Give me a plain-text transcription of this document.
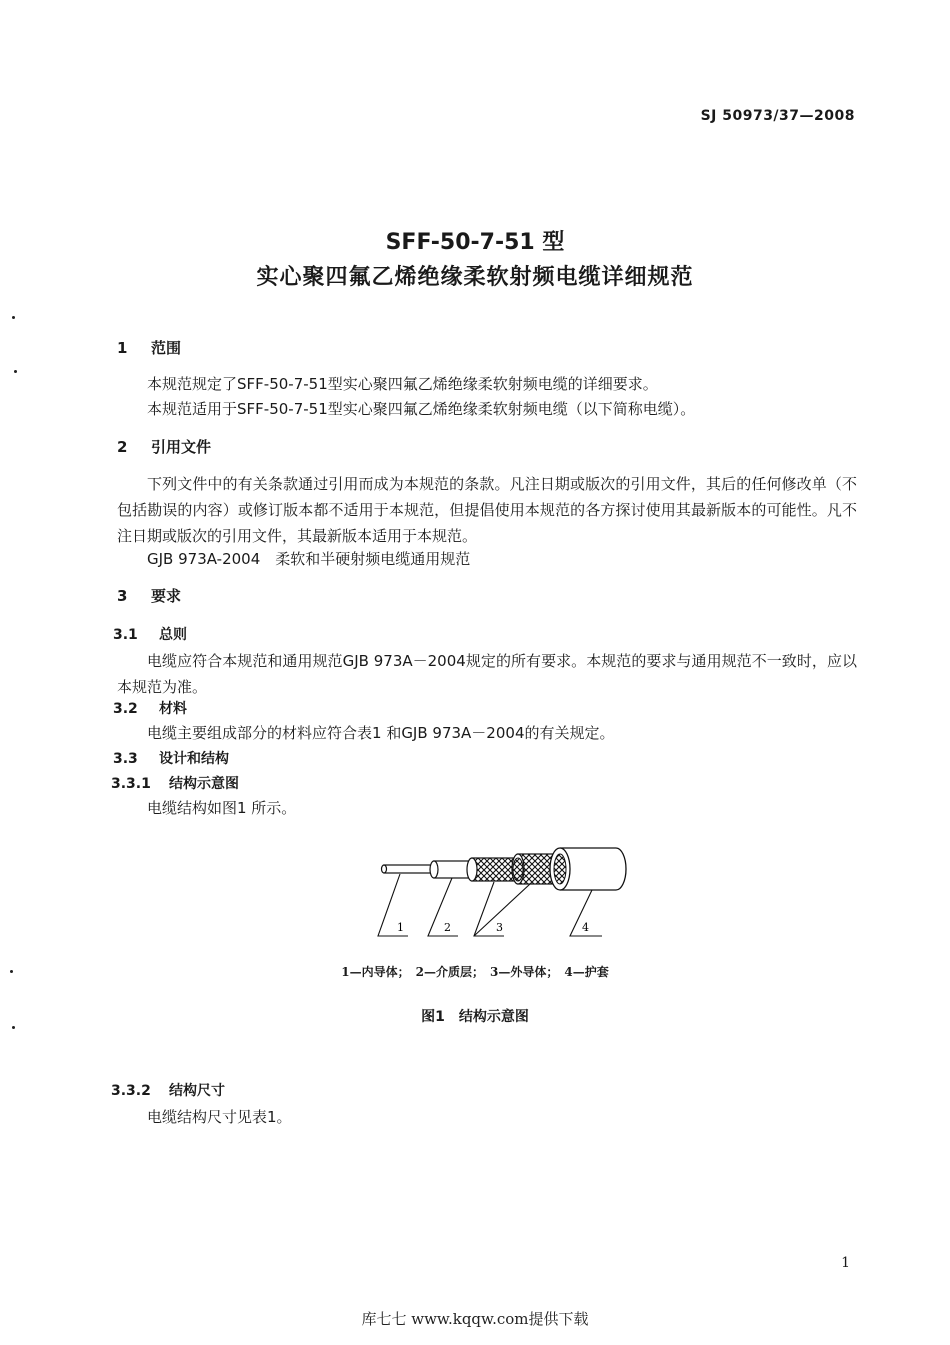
SJ 50973/37—2008
SFF-50-7-51 型
实心聚四氟乙烯绝缘柔软射频电缆详细规范
1 范围
本规范规定了SFF-50-7-51型实心聚四氟乙烯绝缘柔软射频电缆的详细要求。
本规范适用于SFF-50-7-51型实心聚四氟乙烯绝缘柔软射频电缆（以下简称电缆）。
2 引用文件
下列文件中的有关条款通过引用而成为本规范的条款。凡注日期或版次的引用文件，其后的任何修改单（不包括勘误的内容）或修订版本都不适用于本规范，但提倡使用本规范的各方探讨使用其最新版本的可能性。凡不注日期或版次的引用文件，其最新版本适用于本规范。
GJB 973A-2004　柔软和半硬射频电缆通用规范
3 要求
3.1 总则
电缆应符合本规范和通用规范GJB 973A－2004规定的所有要求。本规范的要求与通用规范不一致时，应以本规范为准。
3.2 材料
电缆主要组成部分的材料应符合表1 和GJB 973A－2004的有关规定。
3.3 设计和结构
3.3.1 结构示意图
电缆结构如图1 所示。
1	2	3	4
1—内导体；　2—介质层；　3—外导体；　4—护套
图1　结构示意图
3.3.2 结构尺寸
电缆结构尺寸见表1。
1
库七七 www.kqqw.com提供下载
